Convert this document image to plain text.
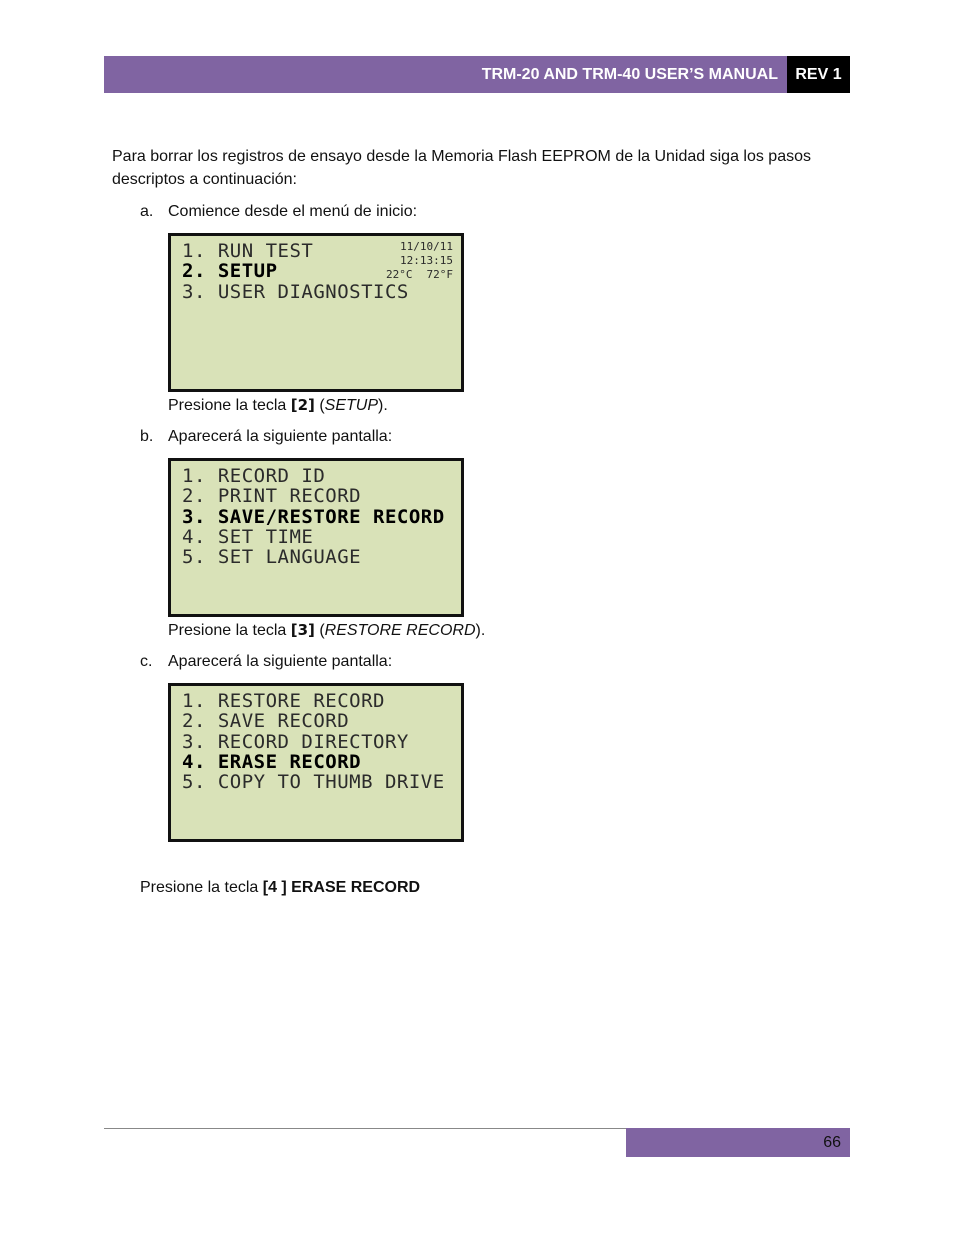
TRM-20 AND TRM-40 USER’S MANUAL	REV 1
Para borrar los registros de ensayo desde la Memoria Flash EEPROM de la Unidad siga los pasos descriptos a continuación:
a. Comience desde el menú de inicio:
1. RUN TEST
2. SETUP
3. USER DIAGNOSTICS
11/10/11
12:13:15
22°C 72°F
Presione la tecla [2] (SETUP).
b. Aparecerá la siguiente pantalla:
1. RECORD ID
2. PRINT RECORD
3. SAVE/RESTORE RECORD
4. SET TIME
5. SET LANGUAGE
Presione la tecla [3] (RESTORE RECORD).
c. Aparecerá la siguiente pantalla:
1. RESTORE RECORD
2. SAVE RECORD
3. RECORD DIRECTORY
4. ERASE RECORD
5. COPY TO THUMB DRIVE
Presione la tecla [4 ] ERASE RECORD
66
